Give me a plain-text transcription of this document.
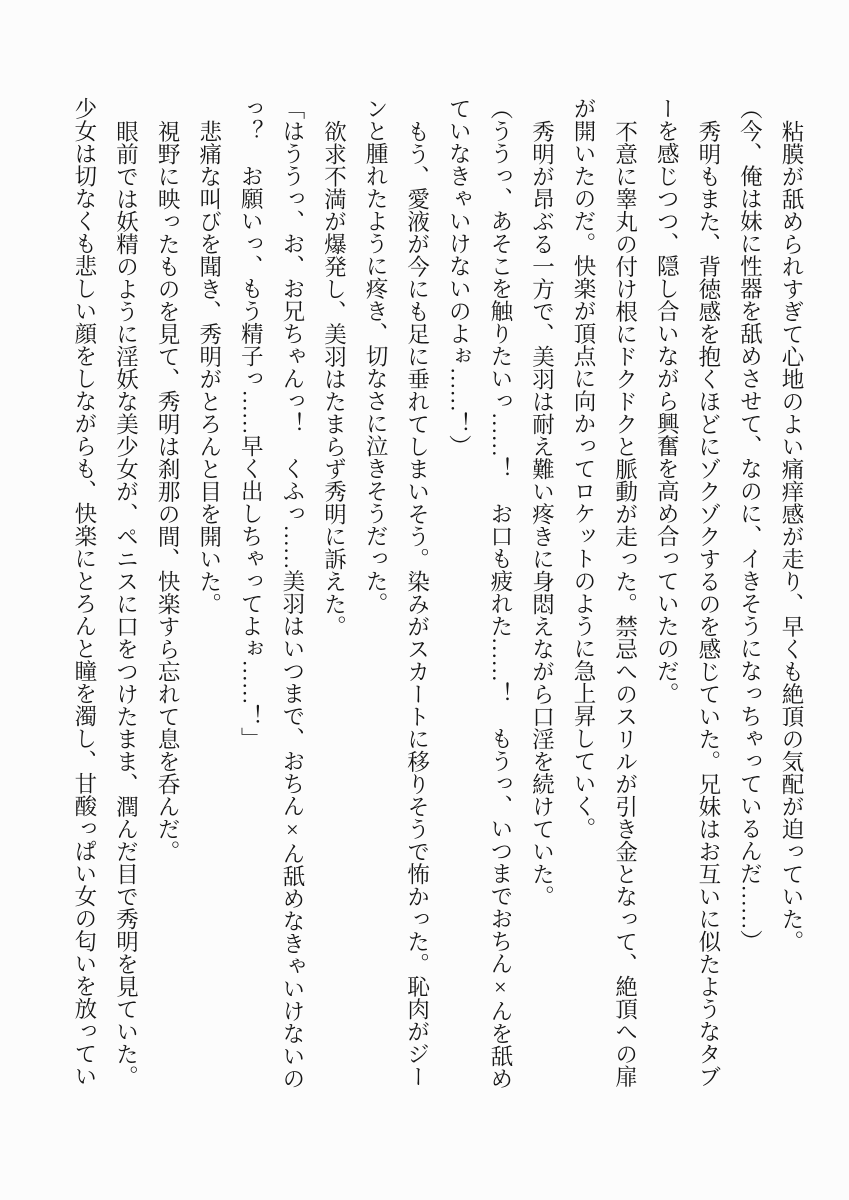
粘膜が舐められすぎて心地のよい痛痒感が走り、早くも絶頂の気配が迫っていた。

（今、俺は妹に性器を舐めさせて、なのに、イきそうになっちゃっているんだ……）

秀明もまた、背徳感を抱くほどにゾクゾクするのを感じていた。兄妹はお互いに似たようなタブーを感じつつ、隠し合いながら興奮を高め合っていたのだ。

不意に睾丸の付け根にドクドクと脈動が走った。禁忌へのスリルが引き金となって、絶頂への扉が開いたのだ。快楽が頂点に向かってロケットのように急上昇していく。

秀明が昂ぶる一方で、美羽は耐え難い疼きに身悶えながら口淫を続けていた。

（ううっ、あそこを触りたいっ……！　お口も疲れた……！　もうっ、いつまでおちん×んを舐めていなきゃいけないのよぉ……！）

もう、愛液が今にも足に垂れてしまいそう。染みがスカートに移りそうで怖かった。恥肉がジーンと腫れたように疼き、切なさに泣きそうだった。

欲求不満が爆発し、美羽はたまらず秀明に訴えた。

「はううっ、お、お兄ちゃんっ！　くふっ……美羽はいつまで、おちん×ん舐めなきゃいけないのっ？　お願いっ、もう精子っ……早く出しちゃってよぉ……！」

悲痛な叫びを聞き、秀明がとろんと目を開いた。

視野に映ったものを見て、秀明は刹那の間、快楽すら忘れて息を呑んだ。

眼前では妖精のように淫妖な美少女が、ペニスに口をつけたまま、潤んだ目で秀明を見ていた。少女は切なくも悲しい顔をしながらも、快楽にとろんと瞳を濁し、甘酸っぱい女の匂いを放ってい
